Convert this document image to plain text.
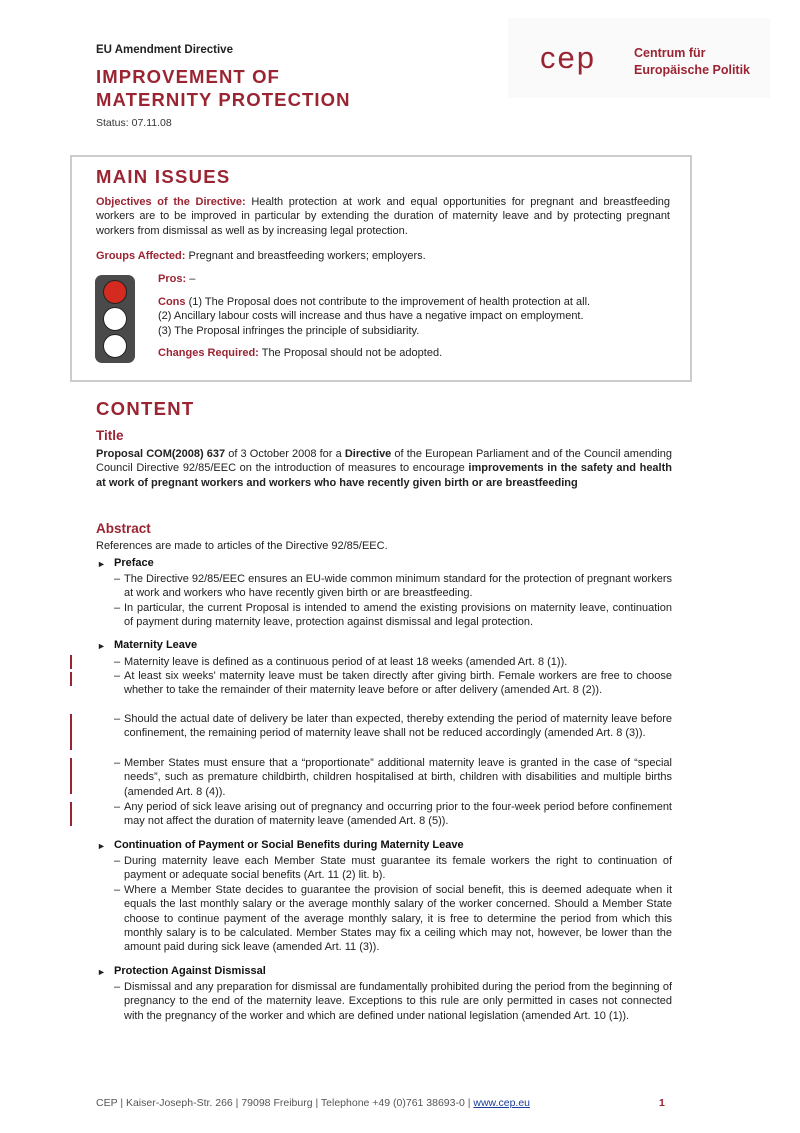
EU Amendment Directive
IMPROVEMENT OF
MATERNITY PROTECTION
Status: 07.11.08
cep	Centrum für
Europäische Politik
MAIN ISSUES
Objectives of the Directive: Health protection at work and equal opportunities for pregnant and breastfeeding workers are to be improved in particular by extending the duration of maternity leave and by protecting pregnant workers from dismissal as well as by increasing legal protection.
Groups Affected: Pregnant and breastfeeding workers; employers.
Pros: –
Cons (1) The Proposal does not contribute to the improvement of health protection at all.
(2) Ancillary labour costs will increase and thus have a negative impact on employment.
(3) The Proposal infringes the principle of subsidiarity.
Changes Required: The Proposal should not be adopted.
CONTENT
Title
Proposal COM(2008) 637 of 3 October 2008 for a Directive of the European Parliament and of the Council amending Council Directive 92/85/EEC on the introduction of measures to encourage improvements in the safety and health at work of pregnant workers and workers who have recently given birth or are breastfeeding
Abstract
References are made to articles of the Directive 92/85/EEC.
► Preface
– The Directive 92/85/EEC ensures an EU-wide common minimum standard for the protection of pregnant workers at work and workers who have recently given birth or are breastfeeding.
– In particular, the current Proposal is intended to amend the existing provisions on maternity leave, continuation of payment during maternity leave, protection against dismissal and legal protection.
► Maternity Leave
– Maternity leave is defined as a continuous period of at least 18 weeks (amended Art. 8 (1)).
– At least six weeks' maternity leave must be taken directly after giving birth. Female workers are free to choose whether to take the remainder of their maternity leave before or after delivery (amended Art. 8 (2)).
– Should the actual date of delivery be later than expected, thereby extending the period of maternity leave before confinement, the remaining period of maternity leave shall not be reduced accordingly (amended Art. 8 (3)).
– Member States must ensure that a “proportionate” additional maternity leave is granted in the case of “special needs”, such as premature childbirth, children hospitalised at birth, children with disabilities and multiple births (amended Art. 8 (4)).
– Any period of sick leave arising out of pregnancy and occurring prior to the four-week period before confinement may not affect the duration of maternity leave (amended Art. 8 (5)).
► Continuation of Payment or Social Benefits during Maternity Leave
– During maternity leave each Member State must guarantee its female workers the right to continuation of payment or adequate social benefits (Art. 11 (2) lit. b).
– Where a Member State decides to guarantee the provision of social benefit, this is deemed adequate when it equals the last monthly salary or the average monthly salary of the worker concerned. Should a Member State choose to continue payment of the average monthly salary, it is free to determine the period from which this monthly salary is to be calculated. Member States may fix a ceiling which may not, however, be lower than the amount paid during sick leave (amended Art. 11 (3)).
► Protection Against Dismissal
– Dismissal and any preparation for dismissal are fundamentally prohibited during the period from the beginning of pregnancy to the end of the maternity leave. Exceptions to this rule are only permitted in cases not connected with the pregnancy of the worker and which are defined under national legislation (amended Art. 10 (1)).
CEP | Kaiser-Joseph-Str. 266 | 79098 Freiburg | Telephone +49 (0)761 38693-0 | www.cep.eu	1
